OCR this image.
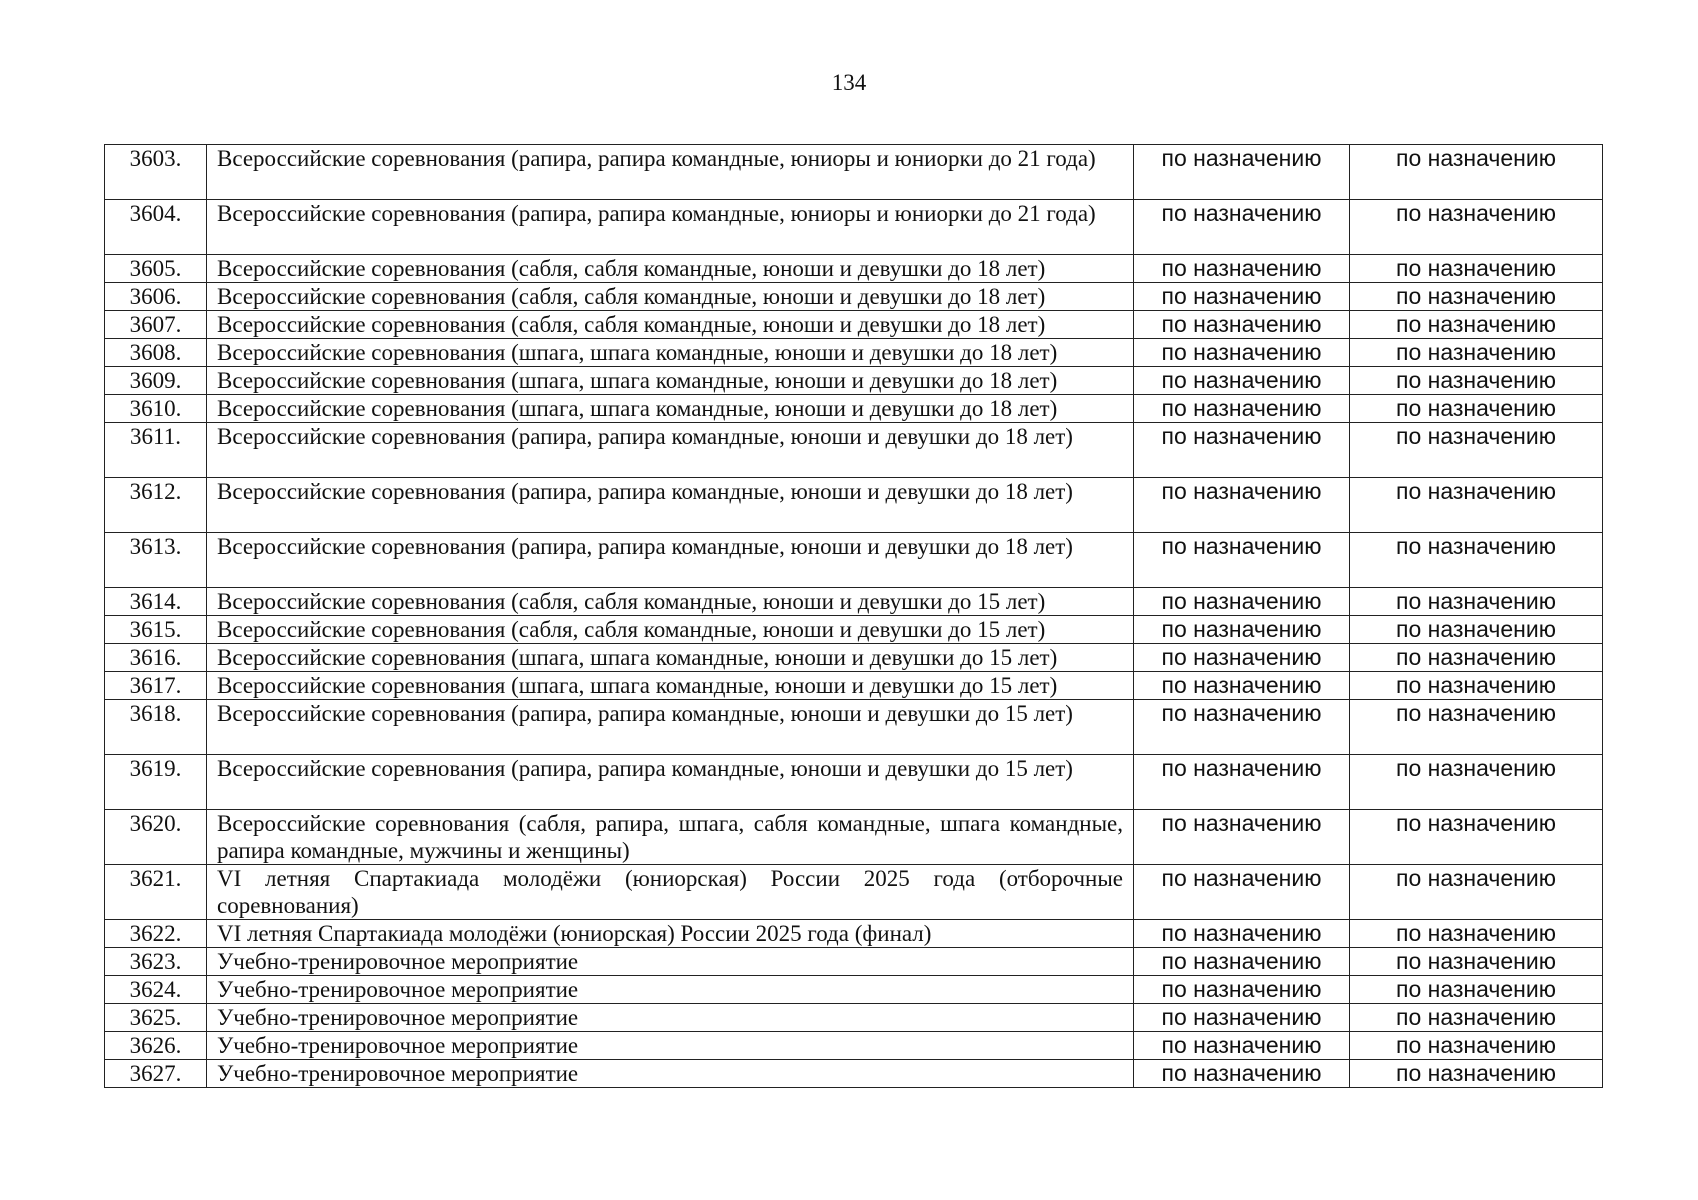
134
3603.	Всероссийские соревнования (рапира, рапира командные, юниоры и юниорки до 21 года)	по назначению	по назначению
3604.	Всероссийские соревнования (рапира, рапира командные, юниоры и юниорки до 21 года)	по назначению	по назначению
3605.	Всероссийские соревнования (сабля, сабля командные, юноши и девушки до 18 лет)	по назначению	по назначению
3606.	Всероссийские соревнования (сабля, сабля командные, юноши и девушки до 18 лет)	по назначению	по назначению
3607.	Всероссийские соревнования (сабля, сабля командные, юноши и девушки до 18 лет)	по назначению	по назначению
3608.	Всероссийские соревнования (шпага, шпага командные, юноши и девушки до 18 лет)	по назначению	по назначению
3609.	Всероссийские соревнования (шпага, шпага командные, юноши и девушки до 18 лет)	по назначению	по назначению
3610.	Всероссийские соревнования (шпага, шпага командные, юноши и девушки до 18 лет)	по назначению	по назначению
3611.	Всероссийские соревнования (рапира, рапира командные, юноши и девушки до 18 лет)	по назначению	по назначению
3612.	Всероссийские соревнования (рапира, рапира командные, юноши и девушки до 18 лет)	по назначению	по назначению
3613.	Всероссийские соревнования (рапира, рапира командные, юноши и девушки до 18 лет)	по назначению	по назначению
3614.	Всероссийские соревнования (сабля, сабля командные, юноши и девушки до 15 лет)	по назначению	по назначению
3615.	Всероссийские соревнования (сабля, сабля командные, юноши и девушки до 15 лет)	по назначению	по назначению
3616.	Всероссийские соревнования (шпага, шпага командные, юноши и девушки до 15 лет)	по назначению	по назначению
3617.	Всероссийские соревнования (шпага, шпага командные, юноши и девушки до 15 лет)	по назначению	по назначению
3618.	Всероссийские соревнования (рапира, рапира командные, юноши и девушки до 15 лет)	по назначению	по назначению
3619.	Всероссийские соревнования (рапира, рапира командные, юноши и девушки до 15 лет)	по назначению	по назначению
3620.	Всероссийские соревнования (сабля, рапира, шпага, сабля командные, шпага командные, рапира командные, мужчины и женщины)	по назначению	по назначению
3621.	VI летняя Спартакиада молодёжи (юниорская) России 2025 года (отборочные соревнования)	по назначению	по назначению
3622.	VI летняя Спартакиада молодёжи (юниорская) России 2025 года (финал)	по назначению	по назначению
3623.	Учебно-тренировочное мероприятие	по назначению	по назначению
3624.	Учебно-тренировочное мероприятие	по назначению	по назначению
3625.	Учебно-тренировочное мероприятие	по назначению	по назначению
3626.	Учебно-тренировочное мероприятие	по назначению	по назначению
3627.	Учебно-тренировочное мероприятие	по назначению	по назначению
